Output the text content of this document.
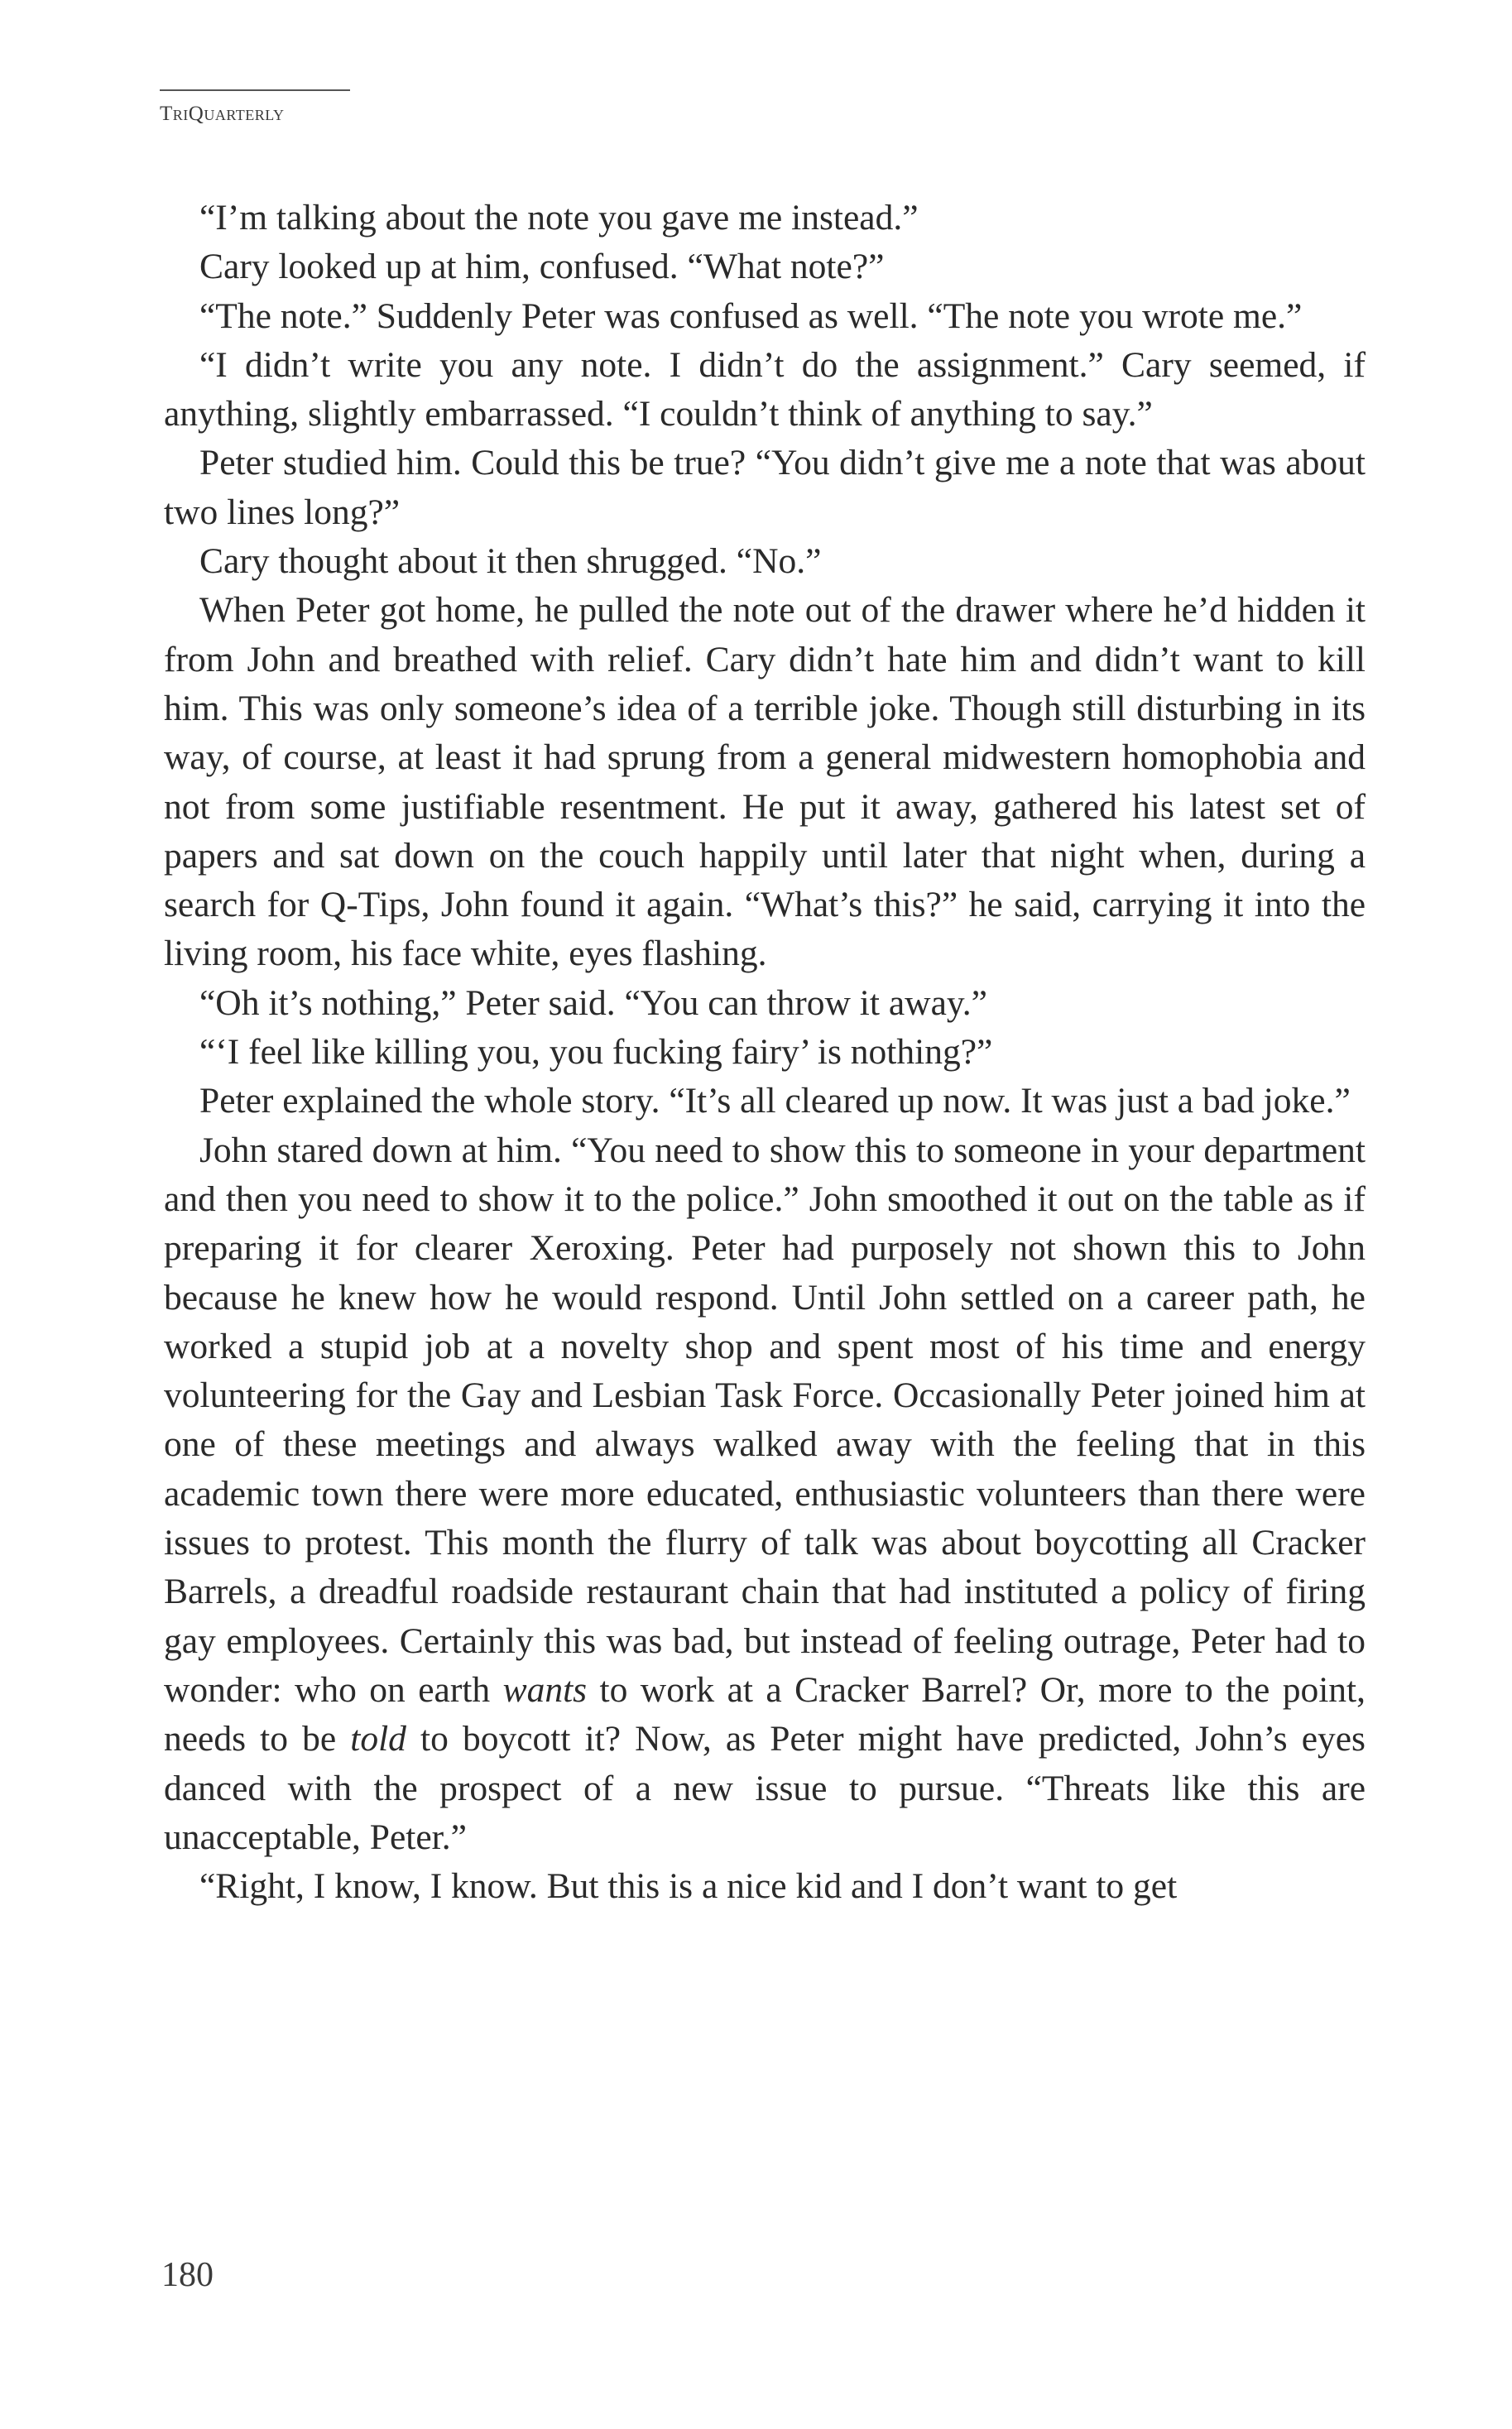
TriQuarterly

“I’m talking about the note you gave me instead.”

Cary looked up at him, confused. “What note?”

“The note.” Suddenly Peter was confused as well. “The note you wrote me.”

“I didn’t write you any note. I didn’t do the assignment.” Cary seemed, if anything, slightly embarrassed. “I couldn’t think of anything to say.”

Peter studied him. Could this be true? “You didn’t give me a note that was about two lines long?”

Cary thought about it then shrugged. “No.”

When Peter got home, he pulled the note out of the drawer where he’d hidden it from John and breathed with relief. Cary didn’t hate him and didn’t want to kill him. This was only someone’s idea of a terrible joke. Though still disturbing in its way, of course, at least it had sprung from a general midwestern homophobia and not from some justifiable resentment. He put it away, gathered his latest set of papers and sat down on the couch happily until later that night when, during a search for Q-Tips, John found it again. “What’s this?” he said, carrying it into the living room, his face white, eyes flashing.

“Oh it’s nothing,” Peter said. “You can throw it away.”

“‘I feel like killing you, you fucking fairy’ is nothing?”

Peter explained the whole story. “It’s all cleared up now. It was just a bad joke.”

John stared down at him. “You need to show this to someone in your department and then you need to show it to the police.” John smoothed it out on the table as if preparing it for clearer Xeroxing. Peter had purposely not shown this to John because he knew how he would respond. Until John settled on a career path, he worked a stupid job at a novelty shop and spent most of his time and energy volunteering for the Gay and Lesbian Task Force. Occasionally Peter joined him at one of these meetings and always walked away with the feeling that in this academic town there were more educated, enthusiastic volunteers than there were issues to protest. This month the flurry of talk was about boycotting all Cracker Barrels, a dreadful roadside restaurant chain that had instituted a policy of firing gay employees. Certainly this was bad, but instead of feeling outrage, Peter had to wonder: who on earth wants to work at a Cracker Barrel? Or, more to the point, needs to be told to boycott it? Now, as Peter might have predicted, John’s eyes danced with the prospect of a new issue to pursue. “Threats like this are unacceptable, Peter.”

“Right, I know, I know. But this is a nice kid and I don’t want to get

180
